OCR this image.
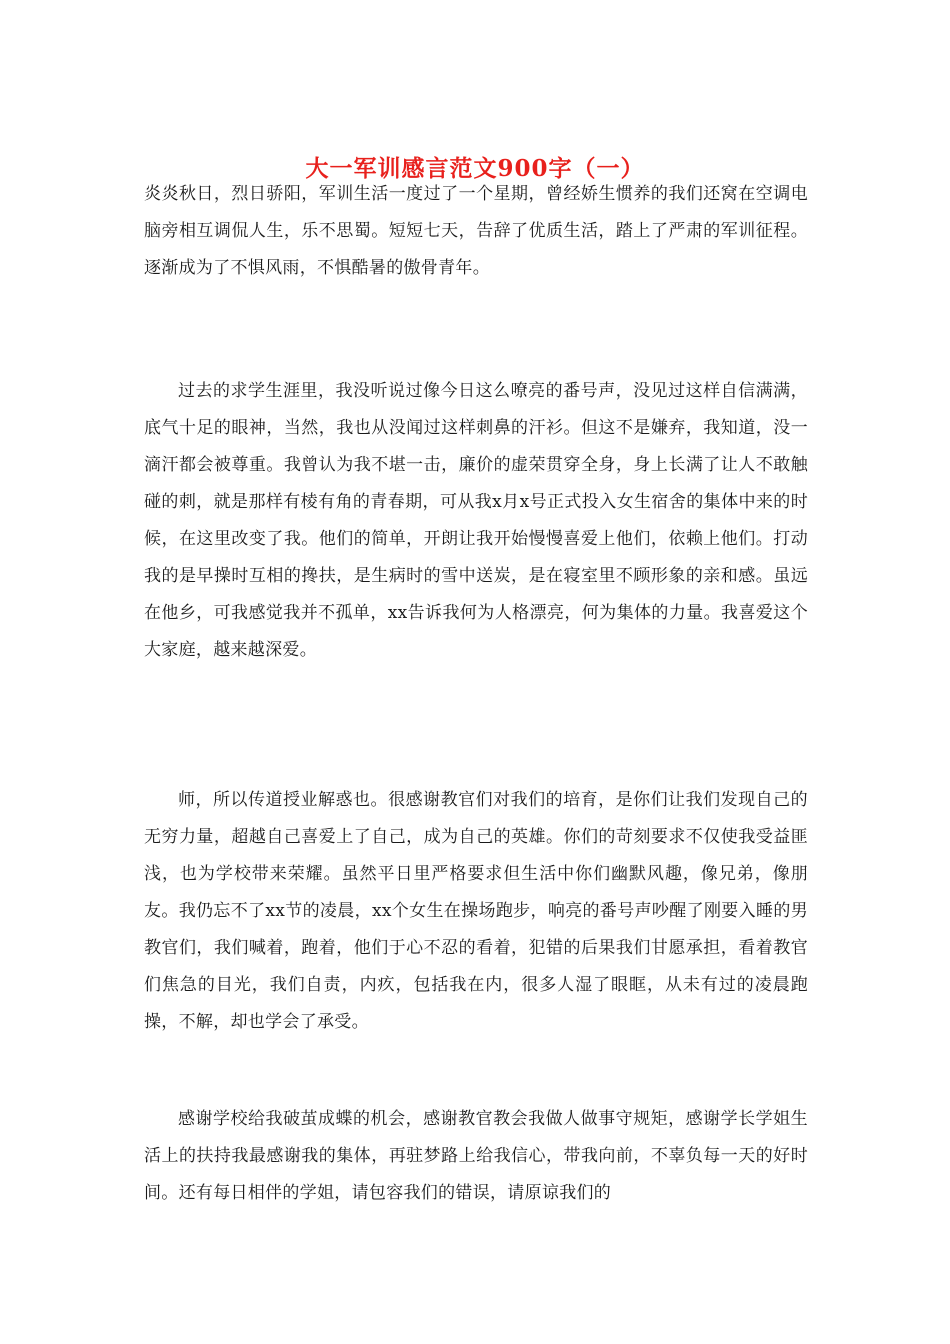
大一军训感言范文900字（一）

炎炎秋日，烈日骄阳，军训生活一度过了一个星期，曾经娇生惯养的我们还窝在空调电脑旁相互调侃人生，乐不思蜀。短短七天，告辞了优质生活，踏上了严肃的军训征程。逐渐成为了不惧风雨，不惧酷暑的傲骨青年。

过去的求学生涯里，我没听说过像今日这么嘹亮的番号声，没见过这样自信满满，底气十足的眼神，当然，我也从没闻过这样刺鼻的汗衫。但这不是嫌弃，我知道，没一滴汗都会被尊重。我曾认为我不堪一击，廉价的虚荣贯穿全身，身上长满了让人不敢触碰的刺，就是那样有棱有角的青春期，可从我x月x号正式投入女生宿舍的集体中来的时候，在这里改变了我。他们的简单，开朗让我开始慢慢喜爱上他们，依赖上他们。打动我的是早操时互相的搀扶，是生病时的雪中送炭，是在寝室里不顾形象的亲和感。虽远在他乡，可我感觉我并不孤单，xx告诉我何为人格漂亮，何为集体的力量。我喜爱这个大家庭，越来越深爱。

师，所以传道授业解惑也。很感谢教官们对我们的培育，是你们让我们发现自己的无穷力量，超越自己喜爱上了自己，成为自己的英雄。你们的苛刻要求不仅使我受益匪浅，也为学校带来荣耀。虽然平日里严格要求但生活中你们幽默风趣，像兄弟，像朋友。我仍忘不了xx节的凌晨，xx个女生在操场跑步，响亮的番号声吵醒了刚要入睡的男教官们，我们喊着，跑着，他们于心不忍的看着，犯错的后果我们甘愿承担，看着教官们焦急的目光，我们自责，内疚，包括我在内，很多人湿了眼眶，从未有过的凌晨跑操，不解，却也学会了承受。

感谢学校给我破茧成蝶的机会，感谢教官教会我做人做事守规矩，感谢学长学姐生活上的扶持我最感谢我的集体，再驻梦路上给我信心，带我向前，不辜负每一天的好时间。还有每日相伴的学姐，请包容我们的错误，请原谅我们的
